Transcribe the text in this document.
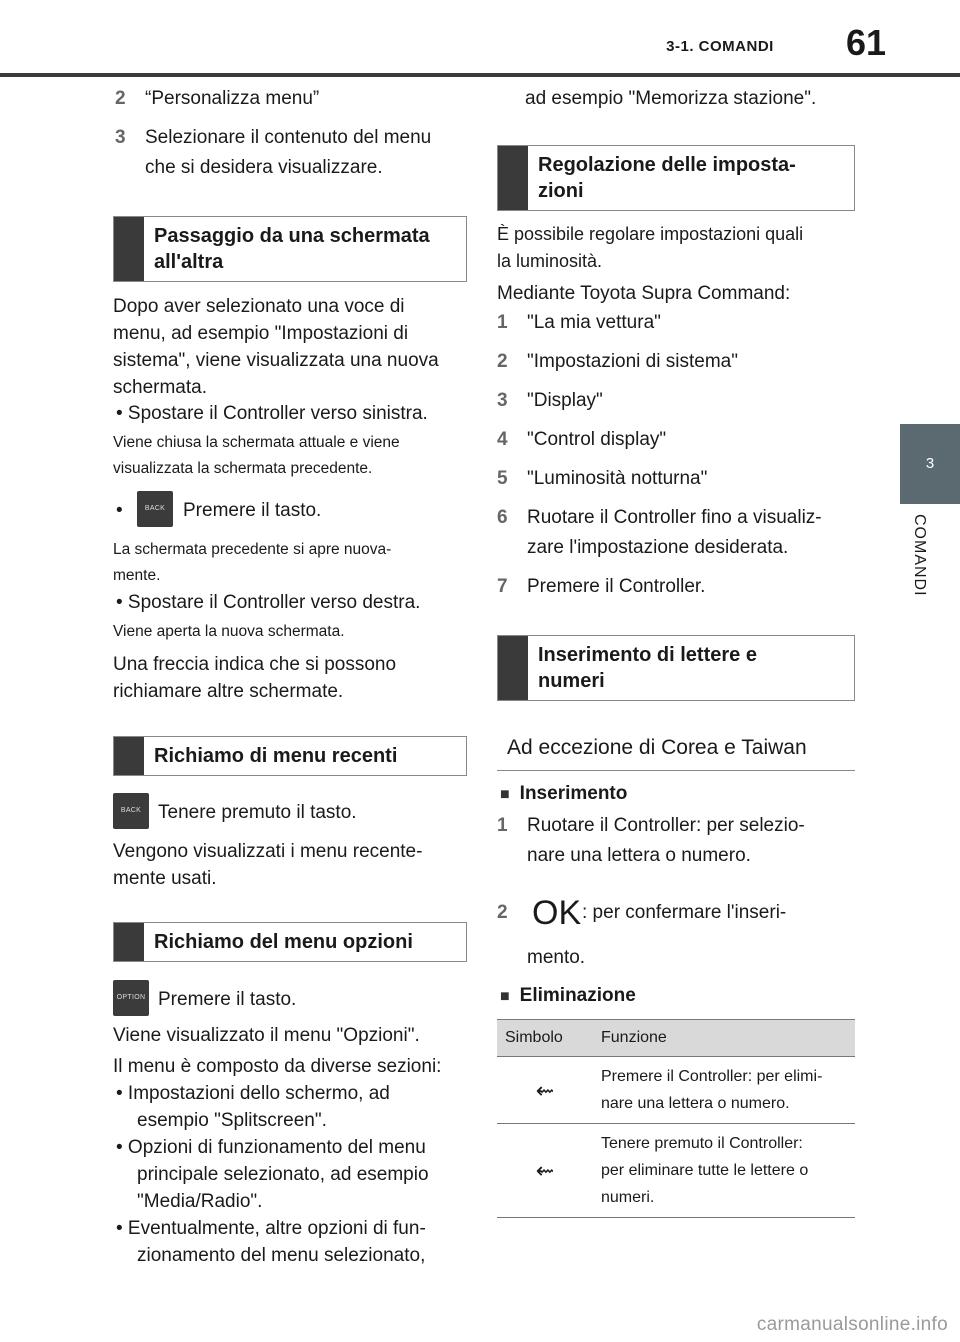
3-1. COMANDI	61
3
COMANDI
2 “Personalizza menu”
3 Selezionare il contenuto del menu
che si desidera visualizzare.
Passaggio da una schermata
all'altra
Dopo aver selezionato una voce di
menu, ad esempio "Impostazioni di
sistema", viene visualizzata una nuova
schermata.
• Spostare il Controller verso sinistra.
Viene chiusa la schermata attuale e viene
visualizzata la schermata precedente.
•	BACK Premere il tasto.
La schermata precedente si apre nuova-
mente.
• Spostare il Controller verso destra.
Viene aperta la nuova schermata.
Una freccia indica che si possono
richiamare altre schermate.
Richiamo di menu recenti
BACK Tenere premuto il tasto.
Vengono visualizzati i menu recente-
mente usati.
Richiamo del menu opzioni
OPTION Premere il tasto.
Viene visualizzato il menu "Opzioni".
Il menu è composto da diverse sezioni:
• Impostazioni dello schermo, ad
esempio "Splitscreen".
• Opzioni di funzionamento del menu
principale selezionato, ad esempio
"Media/Radio".
• Eventualmente, altre opzioni di fun-
zionamento del menu selezionato,
ad esempio "Memorizza stazione".
Regolazione delle imposta-
zioni
È possibile regolare impostazioni quali
la luminosità.
Mediante Toyota Supra Command:
1 "La mia vettura"
2 "Impostazioni di sistema"
3 "Display"
4 "Control display"
5 "Luminosità notturna"
6 Ruotare il Controller fino a visualiz-
zare l'impostazione desiderata.
7 Premere il Controller.
Inserimento di lettere e
numeri
Ad eccezione di Corea e Taiwan
■ Inserimento
1 Ruotare il Controller: per selezio-
nare una lettera o numero.
2 OK : per confermare l'inseri-
mento.
■ Eliminazione
Simbolo	Funzione
⇜	Premere il Controller: per elimi-
nare una lettera o numero.
⇜	Tenere premuto il Controller:
per eliminare tutte le lettere o
numeri.
carmanualsonline.info
